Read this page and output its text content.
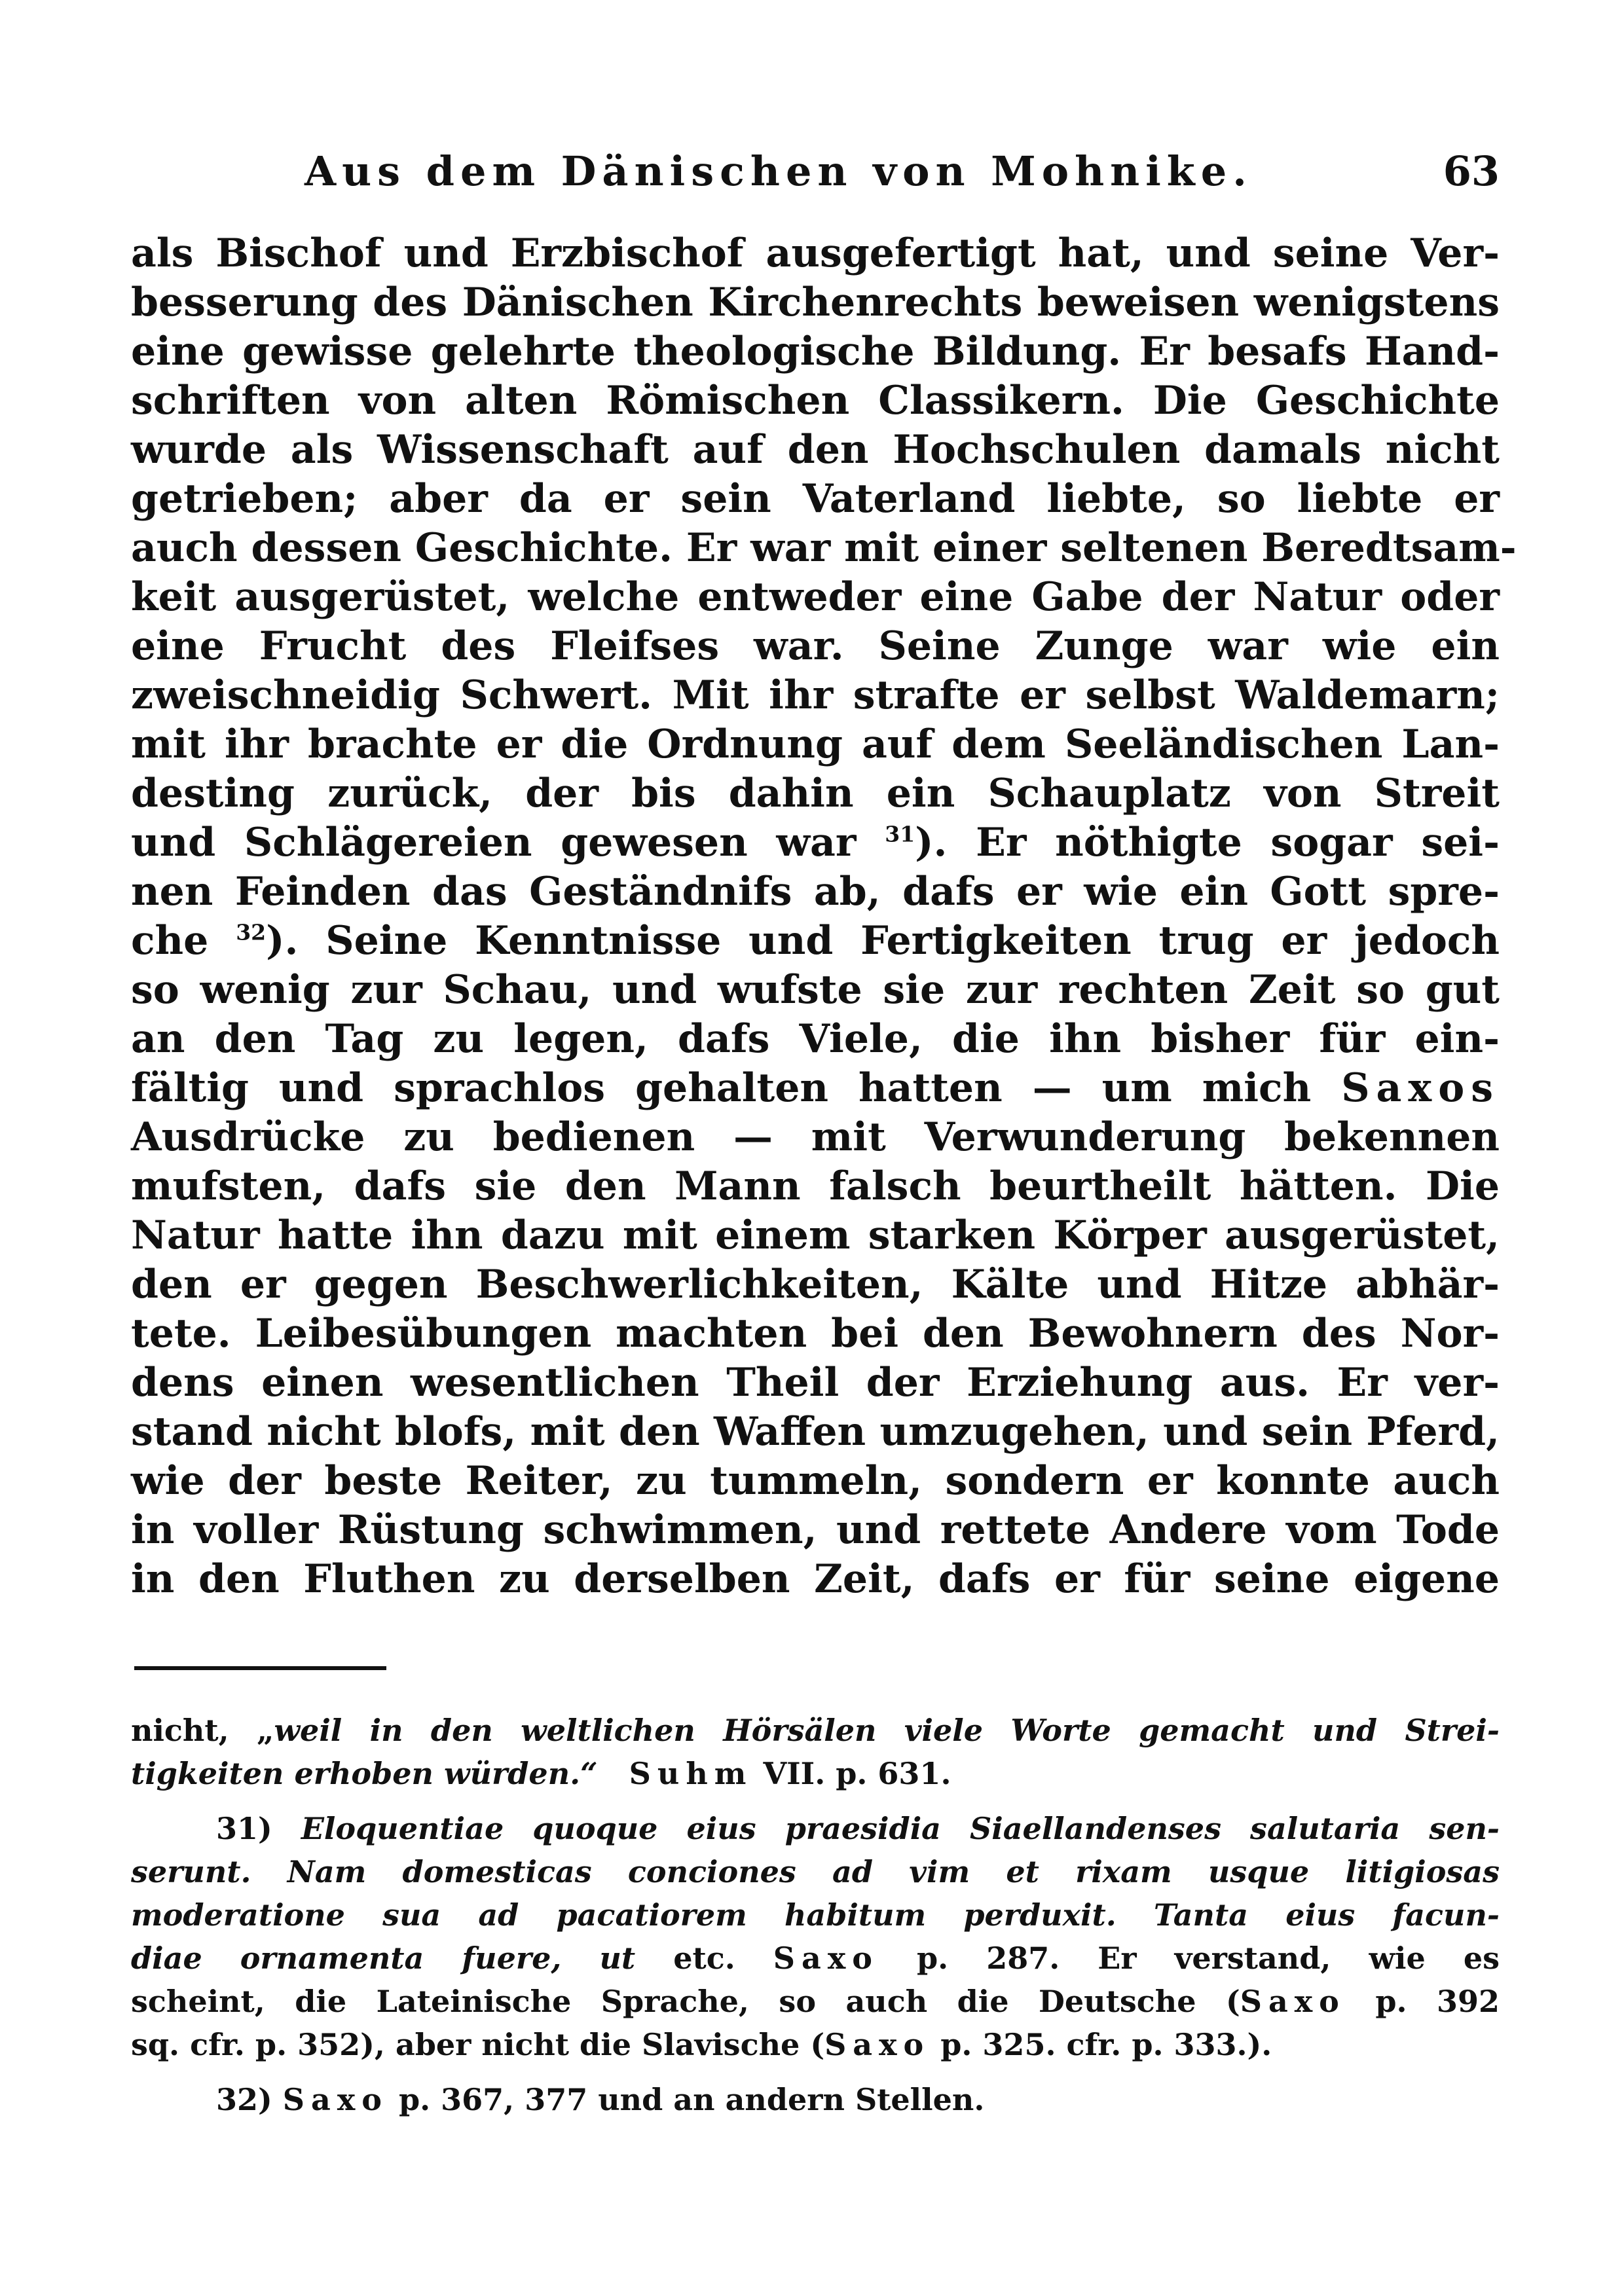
Aus dem Dänischen von Mohnike.	63
als Bischof und Erzbischof ausgefertigt hat, und seine Ver-
besserung des Dänischen Kirchenrechts beweisen wenigstens
eine gewisse gelehrte theologische Bildung. Er besafs Hand-
schriften von alten Römischen Classikern. Die Geschichte
wurde als Wissenschaft auf den Hochschulen damals nicht
getrieben; aber da er sein Vaterland liebte, so liebte er
auch dessen Geschichte. Er war mit einer seltenen Beredtsam-
keit ausgerüstet, welche entweder eine Gabe der Natur oder
eine Frucht des Fleifses war. Seine Zunge war wie ein
zweischneidig Schwert. Mit ihr strafte er selbst Waldemarn;
mit ihr brachte er die Ordnung auf dem Seeländischen Lan-
desting zurück, der bis dahin ein Schauplatz von Streit
und Schlägereien gewesen war $^{31}$). Er nöthigte sogar sei-
nen Feinden das Geständnifs ab, dafs er wie ein Gott spre-
che $^{32}$). Seine Kenntnisse und Fertigkeiten trug er jedoch
so wenig zur Schau, und wufste sie zur rechten Zeit so gut
an den Tag zu legen, dafs Viele, die ihn bisher für ein-
fältig und sprachlos gehalten hatten — um mich Saxos
Ausdrücke zu bedienen — mit Verwunderung bekennen
mufsten, dafs sie den Mann falsch beurtheilt hätten. Die
Natur hatte ihn dazu mit einem starken Körper ausgerüstet,
den er gegen Beschwerlichkeiten, Kälte und Hitze abhär-
tete. Leibesübungen machten bei den Bewohnern des Nor-
dens einen wesentlichen Theil der Erziehung aus. Er ver-
stand nicht blofs, mit den Waffen umzugehen, und sein Pferd,
wie der beste Reiter, zu tummeln, sondern er konnte auch
in voller Rüstung schwimmen, und rettete Andere vom Tode
in den Fluthen zu derselben Zeit, dafs er für seine eigene
nicht, „weil in den weltlichen Hörsälen viele Worte gemacht und Strei-
tigkeiten erhoben würden.“ Suhm VII. p. 631.
31) Eloquentiae quoque eius praesidia Siaellandenses salutaria sen-
serunt. Nam domesticas conciones ad vim et rixam usque litigiosas
moderatione sua ad pacatiorem habitum perduxit. Tanta eius facun-
diae ornamenta fuere, ut etc. Saxo p. 287. Er verstand, wie es
scheint, die Lateinische Sprache, so auch die Deutsche (Saxo p. 392
sq. cfr. p. 352), aber nicht die Slavische (Saxo p. 325. cfr. p. 333.).
32) Saxo p. 367, 377 und an andern Stellen.
